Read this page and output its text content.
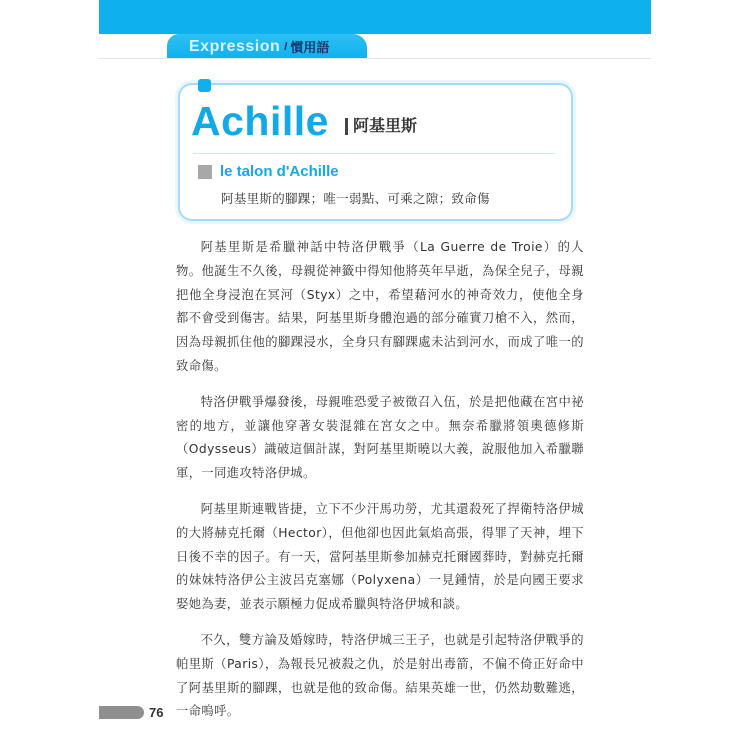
Expression / 慣用語
Achille 阿基里斯
le talon d'Achille
阿基里斯的腳踝；唯一弱點、可乘之隙；致命傷

阿基里斯是希臘神話中特洛伊戰爭（La Guerre de Troie）的人物。他誕生不久後，母親從神籤中得知他將英年早逝，為保全兒子，母親把他全身浸泡在冥河（Styx）之中，希望藉河水的神奇效力，使他全身都不會受到傷害。結果，阿基里斯身體泡過的部分確實刀槍不入，然而，因為母親抓住他的腳踝浸水，全身只有腳踝處未沾到河水，而成了唯一的致命傷。

特洛伊戰爭爆發後，母親唯恐愛子被徵召入伍，於是把他藏在宮中祕密的地方，並讓他穿著女裝混雜在宮女之中。無奈希臘將領奧德修斯（Odysseus）識破這個計謀，對阿基里斯曉以大義，說服他加入希臘聯軍，一同進攻特洛伊城。

阿基里斯連戰皆捷，立下不少汗馬功勞，尤其還殺死了捍衛特洛伊城的大將赫克托爾（Hector），但他卻也因此氣焰高張，得罪了天神，埋下日後不幸的因子。有一天，當阿基里斯參加赫克托爾國葬時，對赫克托爾的妹妹特洛伊公主波呂克塞娜（Polyxena）一見鍾情，於是向國王要求娶她為妻，並表示願極力促成希臘與特洛伊城和談。

不久，雙方論及婚嫁時，特洛伊城三王子，也就是引起特洛伊戰爭的帕里斯（Paris），為報長兄被殺之仇，於是射出毒箭，不偏不倚正好命中了阿基里斯的腳踝，也就是他的致命傷。結果英雄一世，仍然劫數難逃，一命嗚呼。

76
